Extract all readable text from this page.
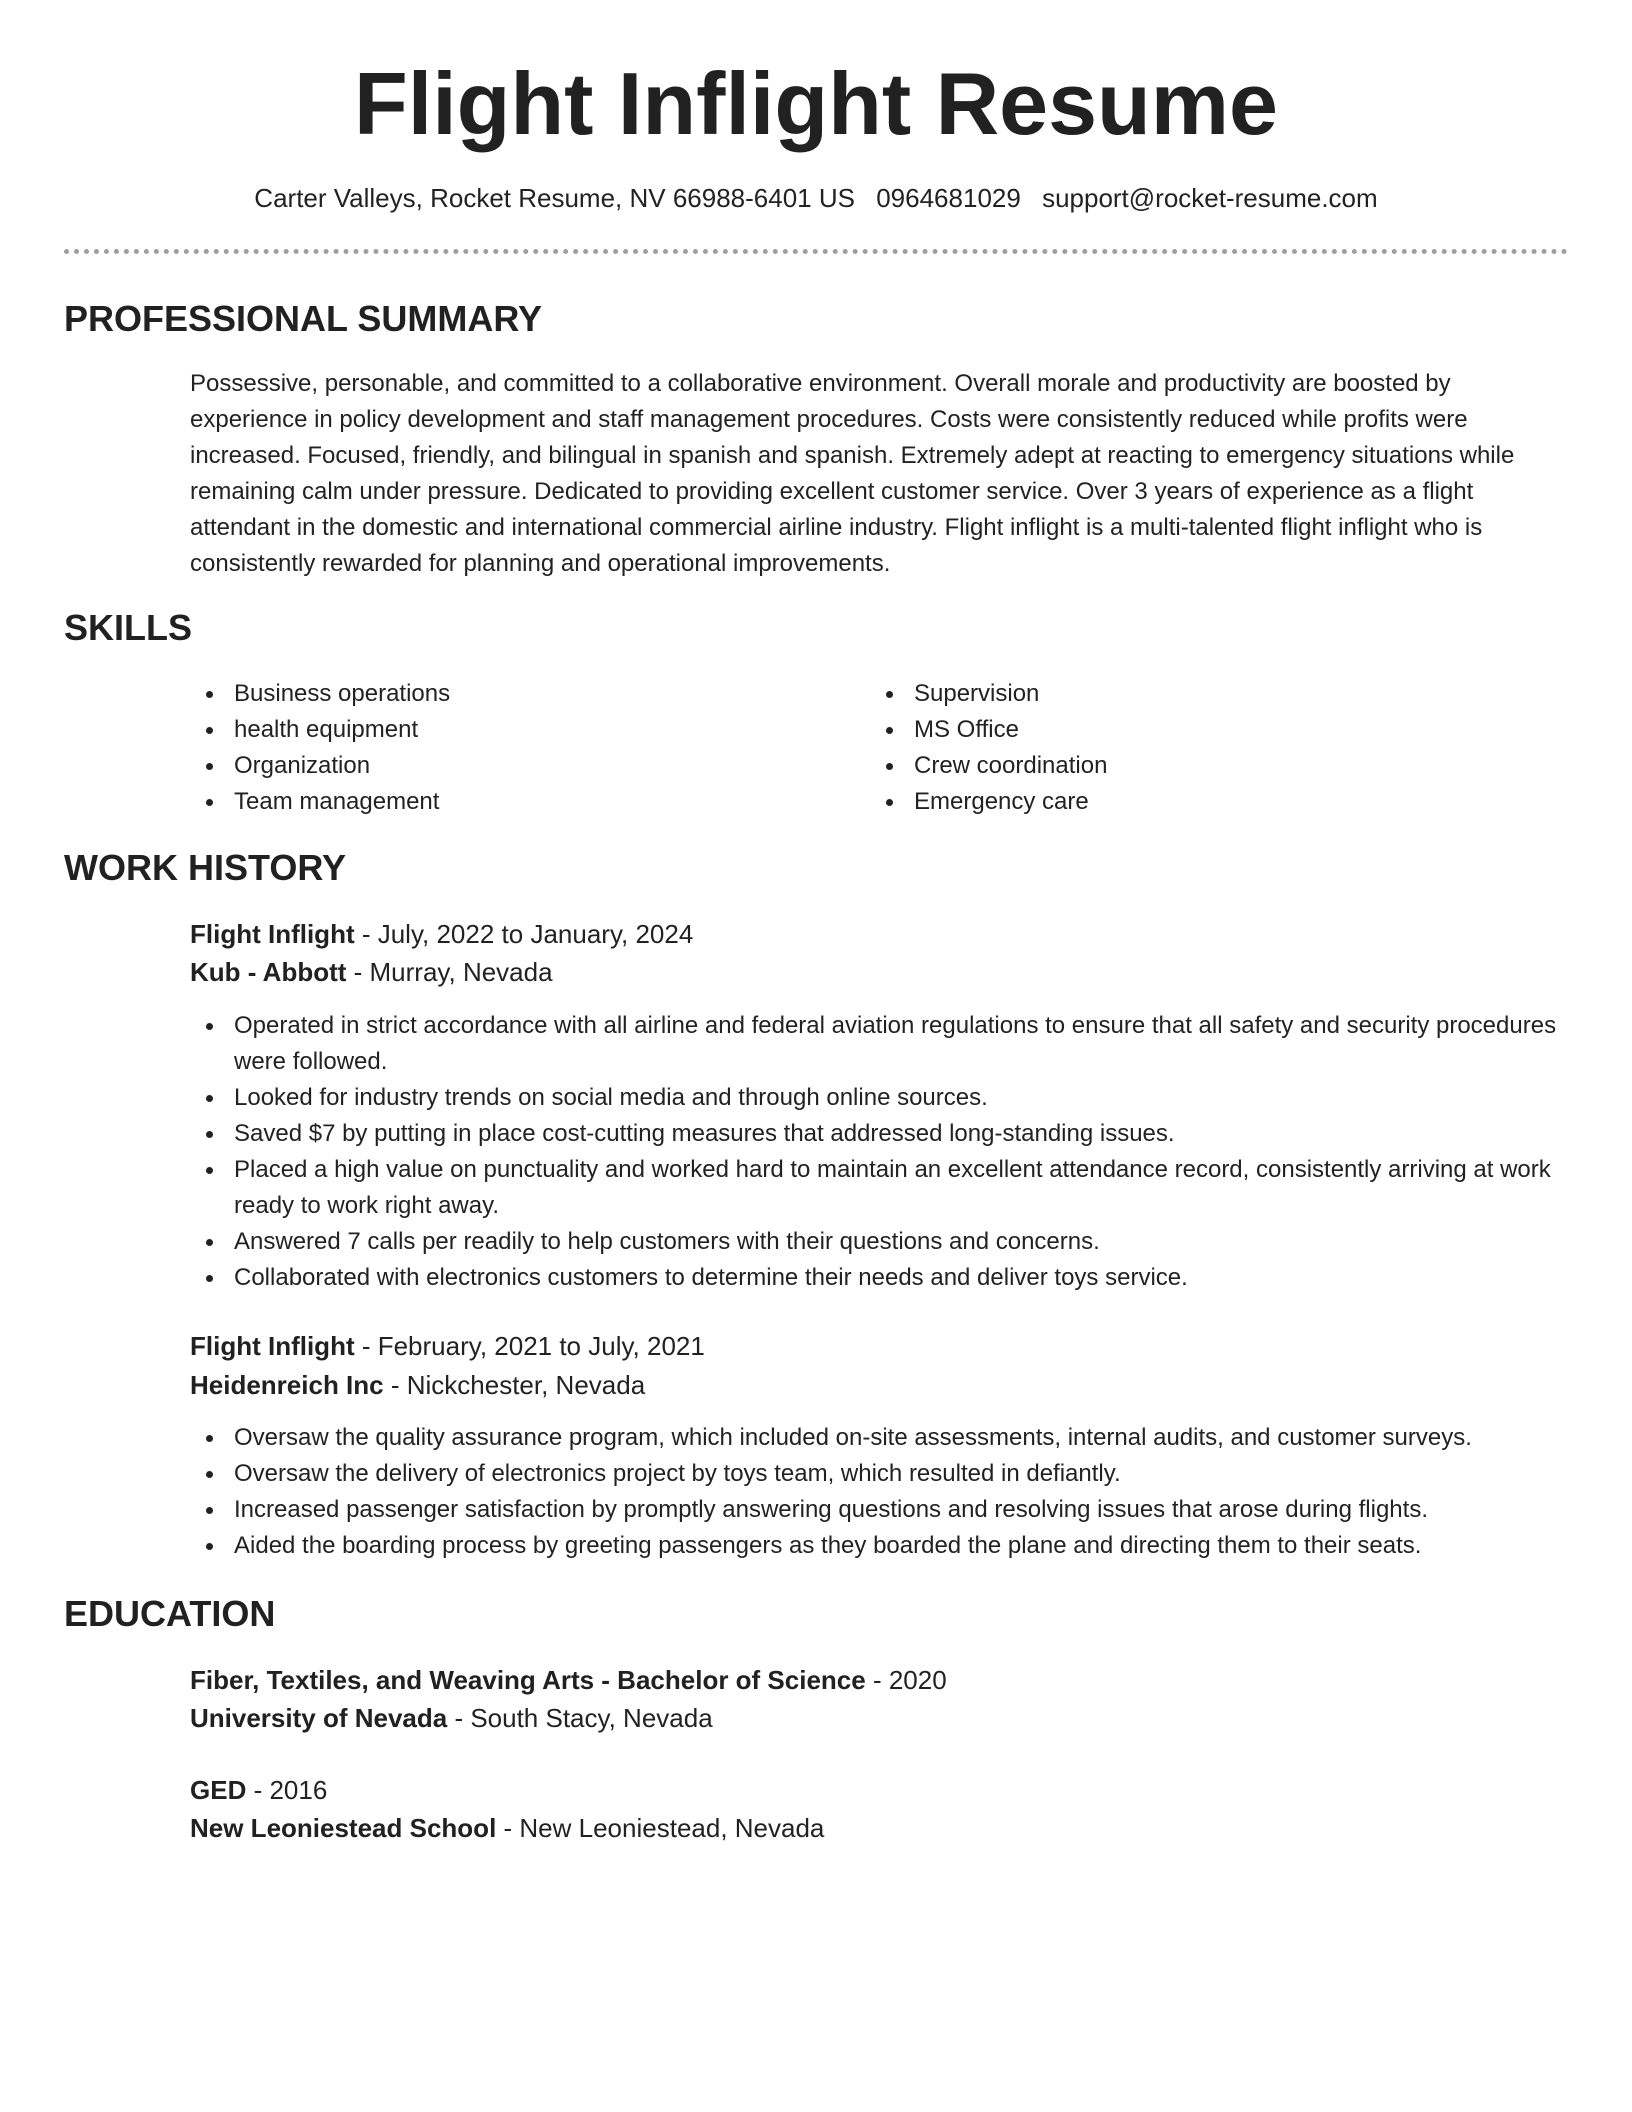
Flight Inflight Resume
Carter Valleys, Rocket Resume, NV 66988-6401 US 0964681029 support@rocket-resume.com
PROFESSIONAL SUMMARY

Possessive, personable, and committed to a collaborative environment. Overall morale and productivity are boosted by experience in policy development and staff management procedures. Costs were consistently reduced while profits were increased. Focused, friendly, and bilingual in spanish and spanish. Extremely adept at reacting to emergency situations while remaining calm under pressure. Dedicated to providing excellent customer service. Over 3 years of experience as a flight attendant in the domestic and international commercial airline industry. Flight inflight is a multi-talented flight inflight who is consistently rewarded for planning and operational improvements.

SKILLS
Business operations
health equipment
Organization
Team management
Supervision
MS Office
Crew coordination
Emergency care
WORK HISTORY
Flight Inflight - July, 2022 to January, 2024
Kub - Abbott - Murray, Nevada
Operated in strict accordance with all airline and federal aviation regulations to ensure that all safety and security procedures were followed.
Looked for industry trends on social media and through online sources.
Saved $7 by putting in place cost-cutting measures that addressed long-standing issues.
Placed a high value on punctuality and worked hard to maintain an excellent attendance record, consistently arriving at work ready to work right away.
Answered 7 calls per readily to help customers with their questions and concerns.
Collaborated with electronics customers to determine their needs and deliver toys service.
Flight Inflight - February, 2021 to July, 2021
Heidenreich Inc - Nickchester, Nevada
Oversaw the quality assurance program, which included on-site assessments, internal audits, and customer surveys.
Oversaw the delivery of electronics project by toys team, which resulted in defiantly.
Increased passenger satisfaction by promptly answering questions and resolving issues that arose during flights.
Aided the boarding process by greeting passengers as they boarded the plane and directing them to their seats.
EDUCATION
Fiber, Textiles, and Weaving Arts - Bachelor of Science - 2020
University of Nevada - South Stacy, Nevada
GED - 2016
New Leoniestead School - New Leoniestead, Nevada
